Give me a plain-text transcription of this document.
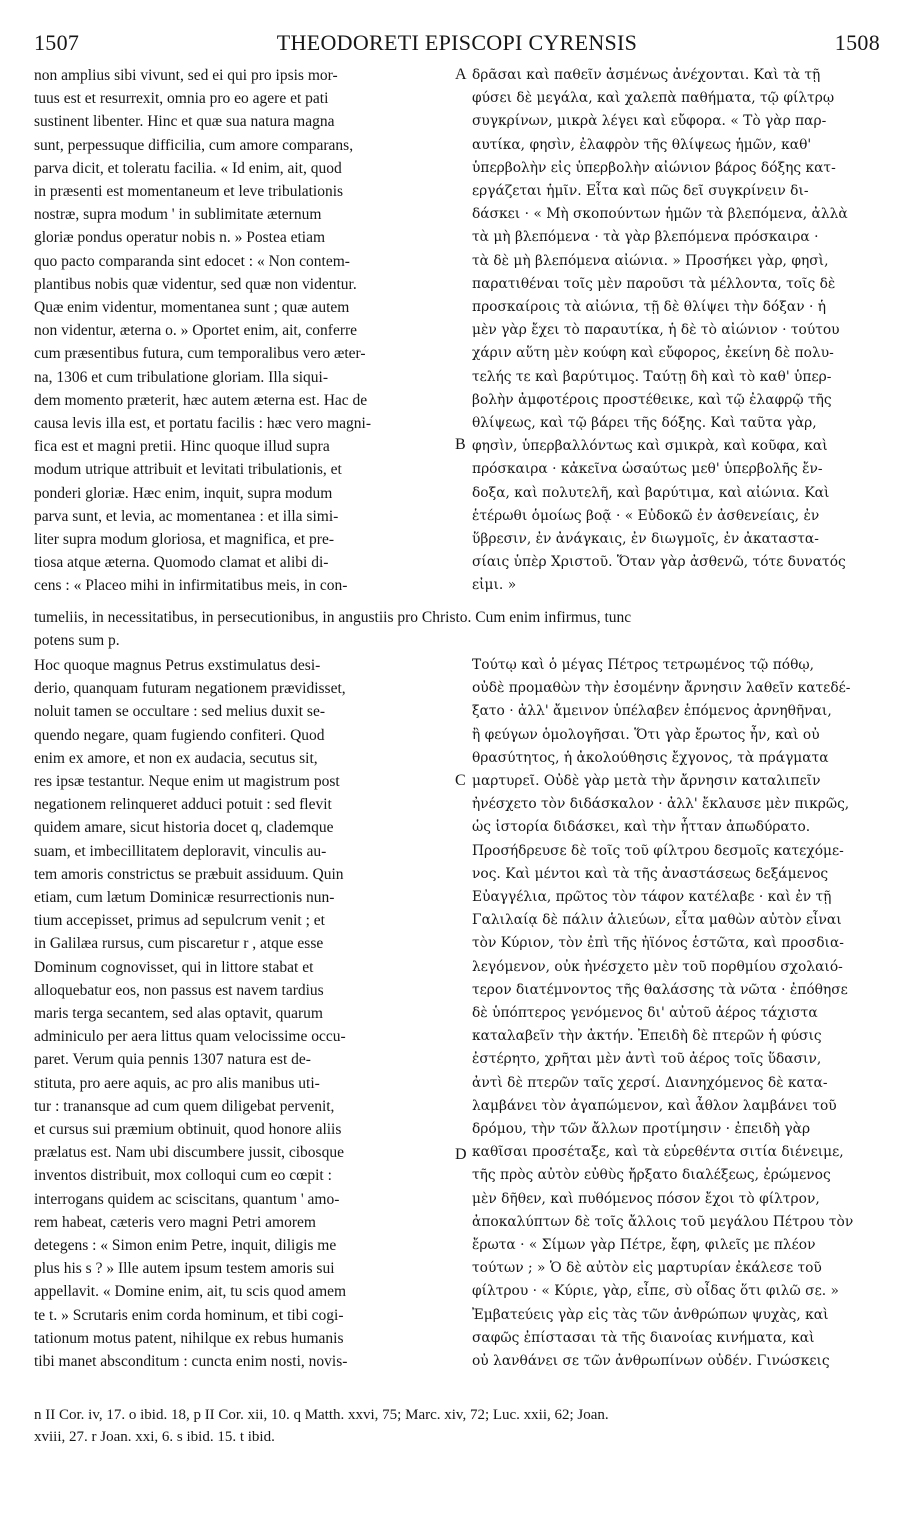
1507	THEODORETI EPISCOPI CYRENSIS	1508

non amplius sibi vivunt, sed ei qui pro ipsis mor-

tuus est et resurrexit, omnia pro eo agere et pati

sustinent libenter. Hinc et quæ sua natura magna

sunt, perpessuque difficilia, cum amore comparans,

parva dicit, et toleratu facilia. « Id enim, ait, quod

in præsenti est momentaneum et leve tribulationis

nostræ, supra modum ' in sublimitate æternum

gloriæ pondus operatur nobis n. » Postea etiam

quo pacto comparanda sint edocet : « Non contem-

plantibus nobis quæ videntur, sed quæ non videntur.

Quæ enim videntur, momentanea sunt ; quæ autem

non videntur, æterna o. » Oportet enim, ait, conferre

cum præsentibus futura, cum temporalibus vero æter-

na, 1306 et cum tribulatione gloriam. Illa siqui-

dem momento præterit, hæc autem æterna est. Hac de

causa levis illa est, et portatu facilis : hæc vero magni-

fica est et magni pretii. Hinc quoque illud supra

modum utrique attribuit et levitati tribulationis, et

ponderi gloriæ. Hæc enim, inquit, supra modum

parva sunt, et levia, ac momentanea : et illa simi-

liter supra modum gloriosa, et magnifica, et pre-

tiosa atque æterna. Quomodo clamat et alibi di-

cens : « Placeo mihi in infirmitatibus meis, in con-

δρᾶσαι καὶ παθεῖν ἀσμένως ἀνέχονται. Καὶ τὰ τῇ

φύσει δὲ μεγάλα, καὶ χαλεπὰ παθήματα, τῷ φίλτρῳ

συγκρίνων, μικρὰ λέγει καὶ εὔφορα. « Τὸ γὰρ παρ-

αυτίκα, φησὶν, ἐλαφρὸν τῆς θλίψεως ἡμῶν, καθ'

ὑπερβολὴν εἰς ὑπερβολὴν αἰώνιον βάρος δόξης κατ-

εργάζεται ἡμῖν. Εἶτα καὶ πῶς δεῖ συγκρίνειν δι-

δάσκει · « Μὴ σκοπούντων ἡμῶν τὰ βλεπόμενα, ἀλλὰ

τὰ μὴ βλεπόμενα · τὰ γὰρ βλεπόμενα πρόσκαιρα ·

τὰ δὲ μὴ βλεπόμενα αἰώνια. » Προσήκει γὰρ, φησὶ,

παρατιθέναι τοῖς μὲν παροῦσι τὰ μέλλοντα, τοῖς δὲ

προσκαίροις τὰ αἰώνια, τῇ δὲ θλίψει τὴν δόξαν · ἡ

μὲν γὰρ ἔχει τὸ παραυτίκα, ἡ δὲ τὸ αἰώνιον · τούτου

χάριν αὕτη μὲν κούφη καὶ εὔφορος, ἐκείνη δὲ πολυ-

τελής τε καὶ βαρύτιμος. Ταύτῃ δὴ καὶ τὸ καθ' ὑπερ-

βολὴν ἀμφοτέροις προστέθεικε, καὶ τῷ ἐλαφρῷ τῆς

θλίψεως, καὶ τῷ βάρει τῆς δόξης. Καὶ ταῦτα γὰρ,

φησὶν, ὑπερβαλλόντως καὶ σμικρὰ, καὶ κοῦφα, καὶ

πρόσκαιρα · κἀκεῖνα ὡσαύτως μεθ' ὑπερβολῆς ἔν-

δοξα, καὶ πολυτελῆ, καὶ βαρύτιμα, καὶ αἰώνια. Καὶ

ἑτέρωθι ὁμοίως βοᾷ · « Εὐδοκῶ ἐν ἀσθενείαις, ἐν

ὕβρεσιν, ἐν ἀνάγκαις, ἐν διωγμοῖς, ἐν ἀκαταστα-

σίαις ὑπὲρ Χριστοῦ. Ὅταν γὰρ ἀσθενῶ, τότε δυνατός

εἰμι. »

tumeliis, in necessitatibus, in persecutionibus, in angustiis pro Christo. Cum enim infirmus, tunc

potens sum p.

Hoc quoque magnus Petrus exstimulatus desi-

derio, quanquam futuram negationem prævidisset,

noluit tamen se occultare : sed melius duxit se-

quendo negare, quam fugiendo confiteri. Quod

enim ex amore, et non ex audacia, secutus sit,

res ipsæ testantur. Neque enim ut magistrum post

negationem relinqueret adduci potuit : sed flevit

quidem amare, sicut historia docet q, clademque

suam, et imbecillitatem deploravit, vinculis au-

tem amoris constrictus se præbuit assiduum. Quin

etiam, cum lætum Dominicæ resurrectionis nun-

tium accepisset, primus ad sepulcrum venit ; et

in Galilæa rursus, cum piscaretur r , atque esse

Dominum cognovisset, qui in littore stabat et

alloquebatur eos, non passus est navem tardius

maris terga secantem, sed alas optavit, quarum

adminiculo per aera littus quam velocissime occu-

paret. Verum quia pennis 1307 natura est de-

stituta, pro aere aquis, ac pro alis manibus uti-

tur : tranansque ad cum quem diligebat pervenit,

et cursus sui præmium obtinuit, quod honore aliis

prælatus est. Nam ubi discumbere jussit, cibosque

inventos distribuit, mox colloqui cum eo cœpit :

interrogans quidem ac sciscitans, quantum ' amo-

rem habeat, cæteris vero magni Petri amorem

detegens : « Simon enim Petre, inquit, diligis me

plus his s ? » Ille autem ipsum testem amoris sui

appellavit. « Domine enim, ait, tu scis quod amem

te t. » Scrutaris enim corda hominum, et tibi cogi-

tationum motus patent, nihilque ex rebus humanis

tibi manet absconditum : cuncta enim nosti, novis-

Τούτῳ καὶ ὁ μέγας Πέτρος τετρωμένος τῷ πόθῳ,

οὐδὲ προμαθὼν τὴν ἐσομένην ἄρνησιν λαθεῖν κατεδέ-

ξατο · ἀλλ' ἄμεινον ὑπέλαβεν ἑπόμενος ἀρνηθῆναι,

ἢ φεύγων ὁμολογῆσαι. Ὅτι γὰρ ἔρωτος ἦν, καὶ οὐ

θρασύτητος, ἡ ἀκολούθησις ἔχγονος, τὰ πράγματα

μαρτυρεῖ. Οὐδὲ γὰρ μετὰ τὴν ἄρνησιν καταλιπεῖν

ἠνέσχετο τὸν διδάσκαλον · ἀλλ' ἔκλαυσε μὲν πικρῶς,

ὡς ἱστορία διδάσκει, καὶ τὴν ἧτταν ἀπωδύρατο.

Προσήδρευσε δὲ τοῖς τοῦ φίλτρου δεσμοῖς κατεχόμε-

νος. Καὶ μέντοι καὶ τὰ τῆς ἀναστάσεως δεξάμενος

Εὐαγγέλια, πρῶτος τὸν τάφον κατέλαβε · καὶ ἐν τῇ

Γαλιλαίᾳ δὲ πάλιν ἁλιεύων, εἶτα μαθὼν αὐτὸν εἶναι

τὸν Κύριον, τὸν ἐπὶ τῆς ἠϊόνος ἑστῶτα, καὶ προσδια-

λεγόμενον, οὐκ ἠνέσχετο μὲν τοῦ πορθμίου σχολαιό-

τερον διατέμνοντος τῆς θαλάσσης τὰ νῶτα · ἐπόθησε

δὲ ὑπόπτερος γενόμενος δι' αὐτοῦ ἀέρος τάχιστα

καταλαβεῖν τὴν ἀκτήν. Ἐπειδὴ δὲ πτερῶν ἡ φύσις

ἐστέρητο, χρῆται μὲν ἀντὶ τοῦ ἀέρος τοῖς ὕδασιν,

ἀντὶ δὲ πτερῶν ταῖς χερσί. Διανηχόμενος δὲ κατα-

λαμβάνει τὸν ἀγαπώμενον, καὶ ἆθλον λαμβάνει τοῦ

δρόμου, τὴν τῶν ἄλλων προτίμησιν · ἐπειδὴ γὰρ

καθῖσαι προσέταξε, καὶ τὰ εὑρεθέντα σιτία διένειμε,

τῆς πρὸς αὐτὸν εὐθὺς ἤρξατο διαλέξεως, ἐρώμενος

μὲν δῆθεν, καὶ πυθόμενος πόσον ἔχοι τὸ φίλτρον,

ἀποκαλύπτων δὲ τοῖς ἄλλοις τοῦ μεγάλου Πέτρου τὸν

ἔρωτα · « Σίμων γὰρ Πέτρε, ἔφη, φιλεῖς με πλέον

τούτων ; » Ὁ δὲ αὐτὸν εἰς μαρτυρίαν ἐκάλεσε τοῦ

φίλτρου · « Κύριε, γὰρ, εἶπε, σὺ οἶδας ὅτι φιλῶ σε. »

Ἐμβατεύεις γὰρ εἰς τὰς τῶν ἀνθρώπων ψυχὰς, καὶ

σαφῶς ἐπίστασαι τὰ τῆς διανοίας κινήματα, καὶ

οὐ λανθάνει σε τῶν ἀνθρωπίνων οὐδέν. Γινώσκεις

A
B
C
D

n II Cor. iv, 17. o ibid. 18, p II Cor. xii, 10. q Matth. xxvi, 75; Marc. xiv, 72; Luc. xxii, 62; Joan.

xviii, 27. r Joan. xxi, 6. s ibid. 15. t ibid.
